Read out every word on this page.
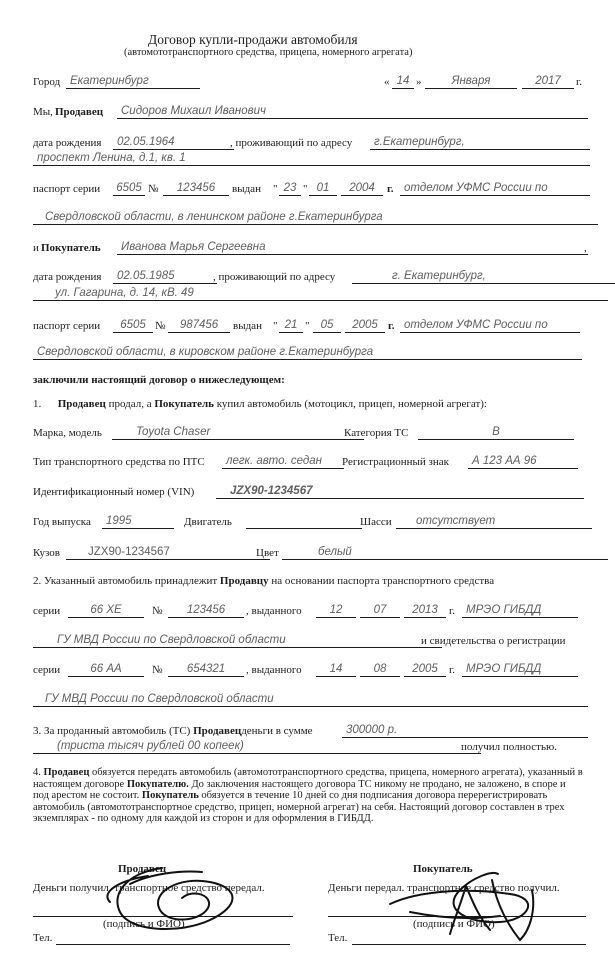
Договор купли-продажи автомобиля
(автомототранспортного средства, прицепа, номерного агрегата)
Город Екатеринбург	« 14 »	Января	2017	г.
Мы, Продавец	Сидоров Михаил Иванович
дата рождения	02.05.1964	, проживающий по адресу	г.Екатеринбург,
проспект Ленина, д.1, кв. 1
паспорт серии 6505 №	123456	выдан " 23 " 01	2004	г. отделом УФМС России по
Свердловской области, в ленинском районе г.Екатеринбурга
и Покупатель	Иванова Марья Сергеевна	,
дата рождения	02.05.1985	, проживающий по адресу	г. Екатеринбург,
ул. Гагарина, д. 14, кВ. 49
паспорт серии	6505 №	987456	выдан " 21 " 05	2005 г. отделом УФМС России по
Свердловской области, в кировском районе г.Екатеринбурга
заключили настоящий договор о нижеследующем:
1. Продавец продал, а Покупатель купил автомобиль (мотоцикл, прицеп, номерной агрегат):
Марка, модель	Toyota Chaser	Категория ТС	B
Тип транспортного средства по ПТС	легк. авто. седан	Регистрационный знак	А 123 АА 96
Идентификационный номер (VIN)	JZX90-1234567
Год выпуска	1995	Двигатель	Шасси	отсутствует
Кузов	JZX90-1234567	Цвет	белый
2. Указанный автомобиль принадлежит Продавцу на основании паспорта транспортного средства
серии	66 ХЕ	№	123456	, выданного	12	07	2013	г. МРЭО ГИБДД
ГУ МВД России по Свердловской области	и свидетельства о регистрации
серии	66 АА	№	654321	, выданного	14	08	2005	г. МРЭО ГИБДД
ГУ МВД России по Свердловской области
3. За проданный автомобиль (ТС) Продавецденьги в сумме	300000 р.
(триста тысяч рублей 00 копеек)	получил полностью.
4. Продавец обязуется передать автомобиль (автомототранспортного средства, прицепа, номерного агрегата), указанный в настоящем договоре Покупателю. До заключения настоящего договора ТС никому не продано, не заложено, в споре и под арестом не состоит. Покупатель обязуется в течение 10 дней со дня подписания договора перерегистрировать автомобиль (автомототранспортное средство, прицеп, номерной агрегат) на себя. Настоящий договор составлен в трех экземплярах - по одному для каждой из сторон и для оформления в ГИБДД.
Продавец	Покупатель
Деньги получил. транспортное средство передал.	Деньги передал. транспортное средство получил.
(подпись и ФИО)	(подпись и ФИО)
Тел.	Тел.
